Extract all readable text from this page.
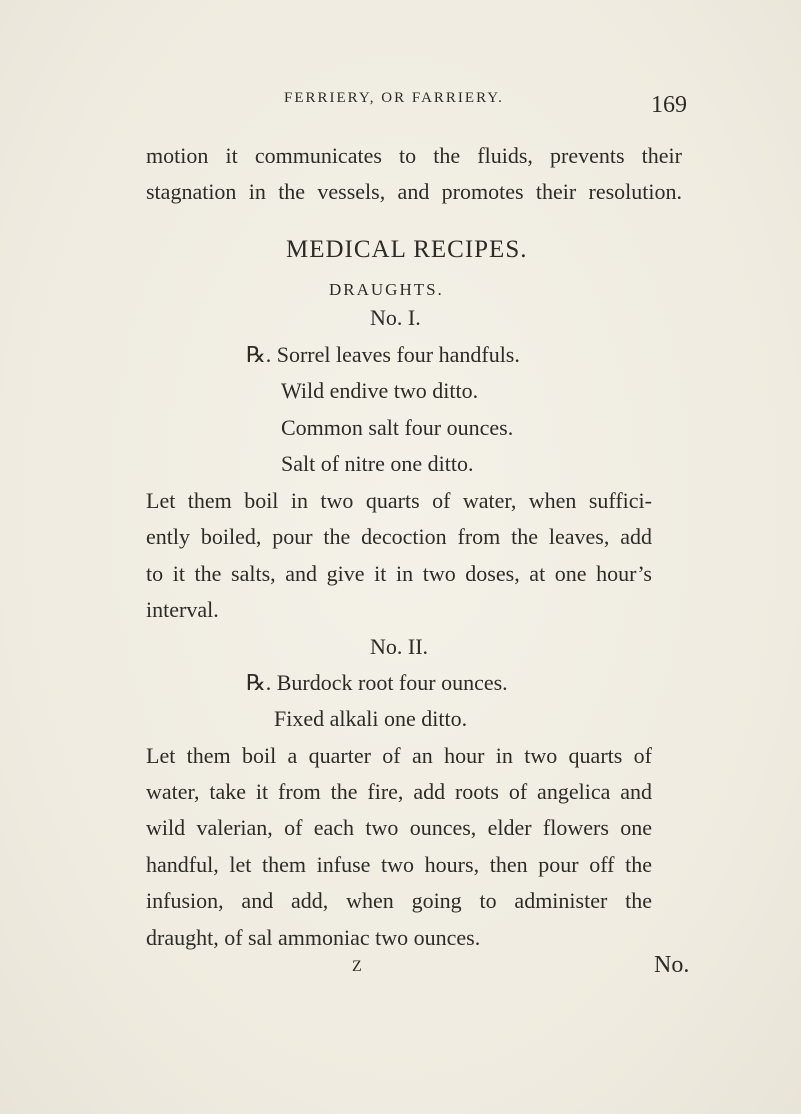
FERRIERY, OR FARRIERY.	169
motion it communicates to the fluids, prevents their
stagnation in the vessels, and promotes their resolution.
MEDICAL RECIPES.
DRAUGHTS.
No. I.
℞. Sorrel leaves four handfuls.
Wild endive two ditto.
Common salt four ounces.
Salt of nitre one ditto.
Let them boil in two quarts of water, when suffici-
ently boiled, pour the decoction from the leaves, add
to it the salts, and give it in two doses, at one hour’s
interval.
No. II.
℞. Burdock root four ounces.
Fixed alkali one ditto.
Let them boil a quarter of an hour in two quarts of
water, take it from the fire, add roots of angelica and
wild valerian, of each two ounces, elder flowers one
handful, let them infuse two hours, then pour off the
infusion, and add, when going to administer the
draught, of sal ammoniac two ounces.
Z	No.
